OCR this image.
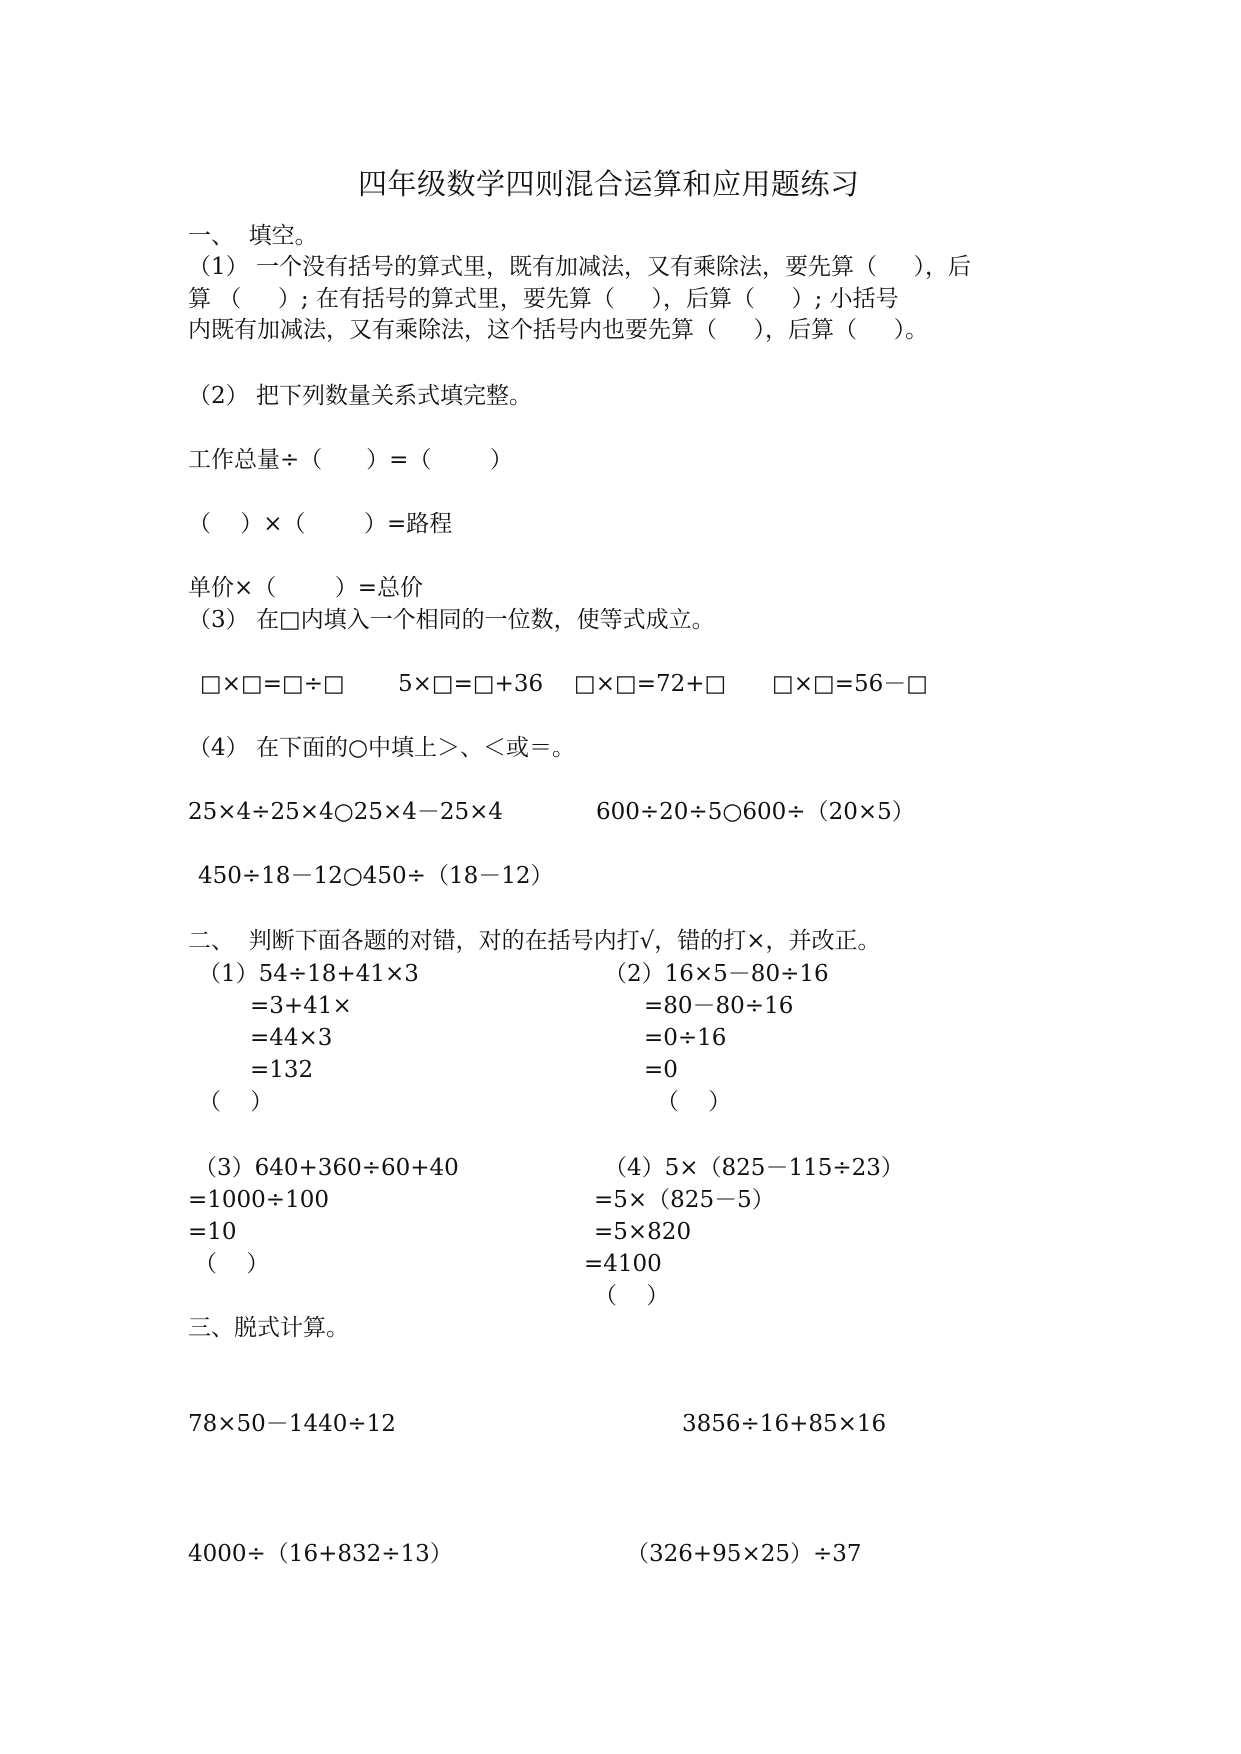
四年级数学四则混合运算和应用题练习
一、  填空。
（1） 一个没有括号的算式里，既有加减法，又有乘除法，要先算（     ），后
算 （     ）; 在有括号的算式里，要先算（     ），后算（     ）; 小括号
内既有加减法，又有乘除法，这个括号内也要先算（     ），后算（     ）。
（2） 把下列数量关系式填完整。
工作总量÷（      ）=（        ）
（    ）×（        ）=路程
单价×（        ）=总价
（3） 在□内填入一个相同的一位数，使等式成立。
□×□=□÷□ 5×□=□+36 □×□=72+□ □×□=56－□
（4） 在下面的○中填上＞、＜或＝。
25×4÷25×4○25×4－25×4	600÷20÷5○600÷（20×5）
450÷18－12○450÷（18－12）
二、  判断下面各题的对错，对的在括号内打√，错的打×，并改正。
（1）54÷18+41×3
=3+41×
=44×3
=132
（    ）
（2）16×5－80÷16
=80－80÷16
=0÷16
=0
（    ）
（3）640+360÷60+40
=1000÷100
=10
（    ）
（4）5×（825－115÷23）
=5×（825－5）
=5×820
=4100
（    ）
三、脱式计算。
78×50－1440÷12	3856÷16+85×16
4000÷（16+832÷13）	（326+95×25）÷37
